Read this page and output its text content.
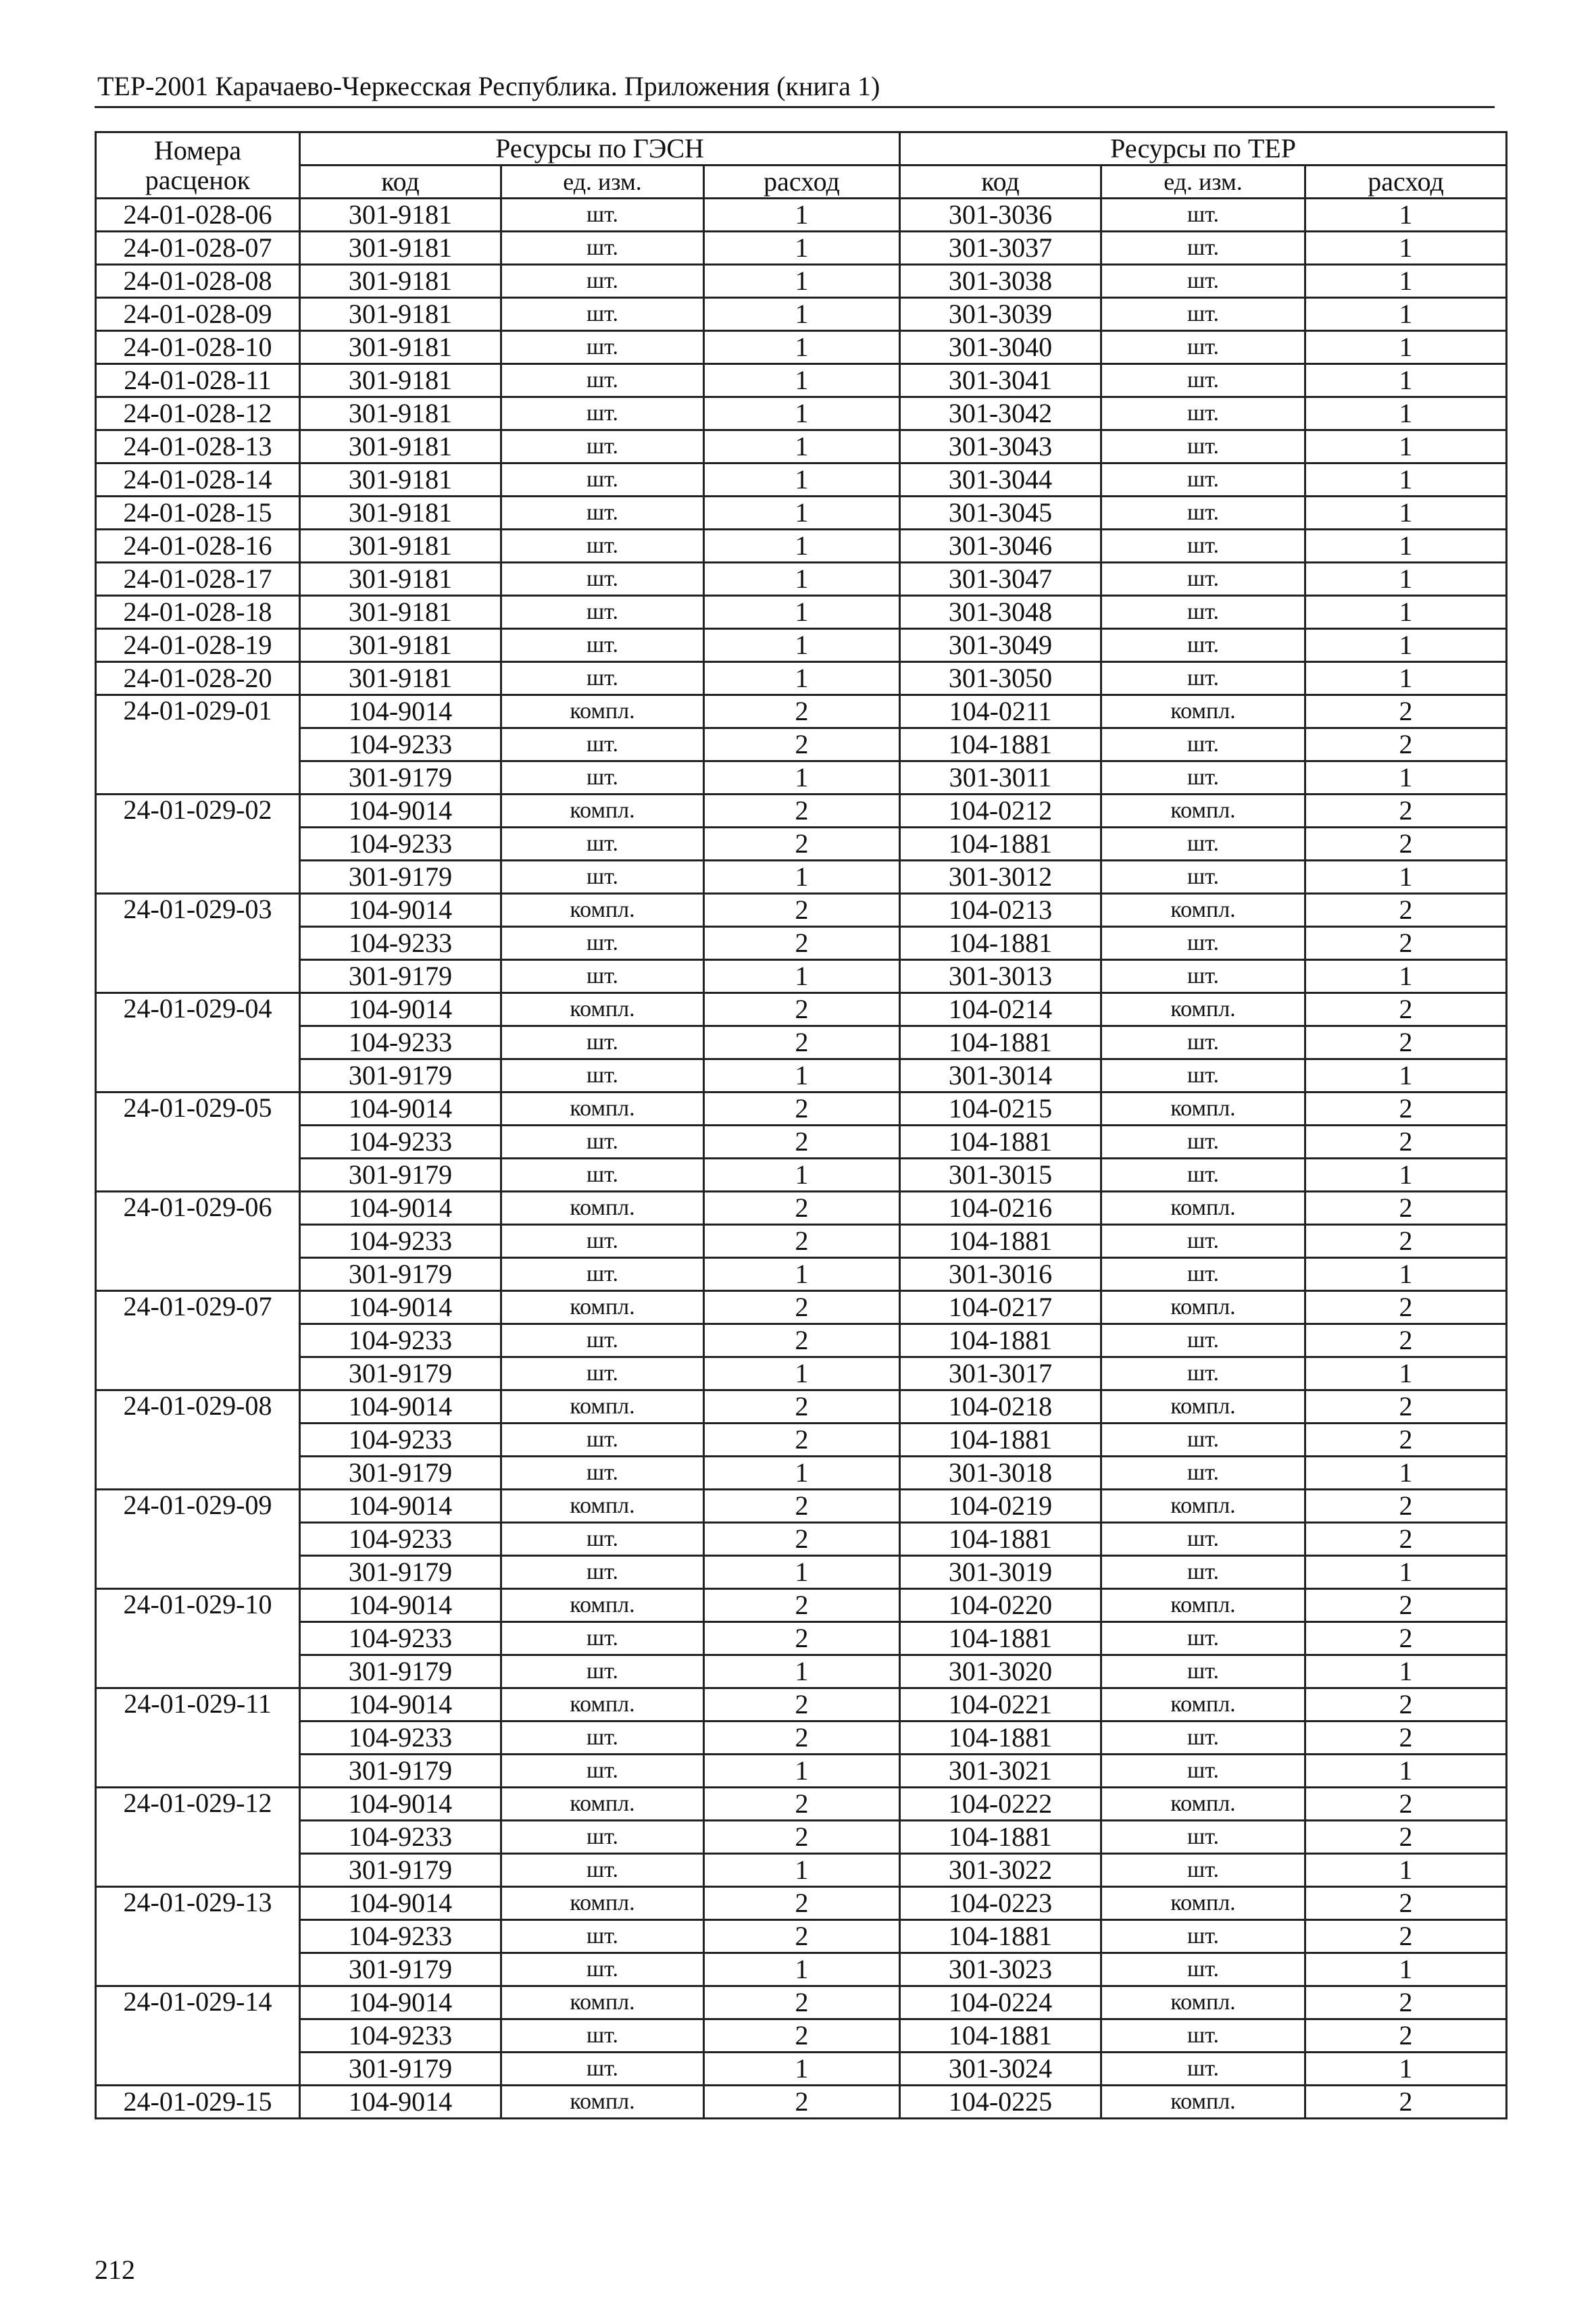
ТЕР-2001 Карачаево-Черкесская Республика. Приложения (книга 1)
Номера
расценок	Ресурсы по ГЭСН			Ресурсы по ТЕР		
	код	ед. изм.	расход	код	ед. изм.	расход
24-01-028-06	301-9181	шт.	1	301-3036	шт.	1
24-01-028-07	301-9181	шт.	1	301-3037	шт.	1
24-01-028-08	301-9181	шт.	1	301-3038	шт.	1
24-01-028-09	301-9181	шт.	1	301-3039	шт.	1
24-01-028-10	301-9181	шт.	1	301-3040	шт.	1
24-01-028-11	301-9181	шт.	1	301-3041	шт.	1
24-01-028-12	301-9181	шт.	1	301-3042	шт.	1
24-01-028-13	301-9181	шт.	1	301-3043	шт.	1
24-01-028-14	301-9181	шт.	1	301-3044	шт.	1
24-01-028-15	301-9181	шт.	1	301-3045	шт.	1
24-01-028-16	301-9181	шт.	1	301-3046	шт.	1
24-01-028-17	301-9181	шт.	1	301-3047	шт.	1
24-01-028-18	301-9181	шт.	1	301-3048	шт.	1
24-01-028-19	301-9181	шт.	1	301-3049	шт.	1
24-01-028-20	301-9181	шт.	1	301-3050	шт.	1
24-01-029-01	104-9014	компл.	2	104-0211	компл.	2
	104-9233	шт.	2	104-1881	шт.	2
	301-9179	шт.	1	301-3011	шт.	1
24-01-029-02	104-9014	компл.	2	104-0212	компл.	2
	104-9233	шт.	2	104-1881	шт.	2
	301-9179	шт.	1	301-3012	шт.	1
24-01-029-03	104-9014	компл.	2	104-0213	компл.	2
	104-9233	шт.	2	104-1881	шт.	2
	301-9179	шт.	1	301-3013	шт.	1
24-01-029-04	104-9014	компл.	2	104-0214	компл.	2
	104-9233	шт.	2	104-1881	шт.	2
	301-9179	шт.	1	301-3014	шт.	1
24-01-029-05	104-9014	компл.	2	104-0215	компл.	2
	104-9233	шт.	2	104-1881	шт.	2
	301-9179	шт.	1	301-3015	шт.	1
24-01-029-06	104-9014	компл.	2	104-0216	компл.	2
	104-9233	шт.	2	104-1881	шт.	2
	301-9179	шт.	1	301-3016	шт.	1
24-01-029-07	104-9014	компл.	2	104-0217	компл.	2
	104-9233	шт.	2	104-1881	шт.	2
	301-9179	шт.	1	301-3017	шт.	1
24-01-029-08	104-9014	компл.	2	104-0218	компл.	2
	104-9233	шт.	2	104-1881	шт.	2
	301-9179	шт.	1	301-3018	шт.	1
24-01-029-09	104-9014	компл.	2	104-0219	компл.	2
	104-9233	шт.	2	104-1881	шт.	2
	301-9179	шт.	1	301-3019	шт.	1
24-01-029-10	104-9014	компл.	2	104-0220	компл.	2
	104-9233	шт.	2	104-1881	шт.	2
	301-9179	шт.	1	301-3020	шт.	1
24-01-029-11	104-9014	компл.	2	104-0221	компл.	2
	104-9233	шт.	2	104-1881	шт.	2
	301-9179	шт.	1	301-3021	шт.	1
24-01-029-12	104-9014	компл.	2	104-0222	компл.	2
	104-9233	шт.	2	104-1881	шт.	2
	301-9179	шт.	1	301-3022	шт.	1
24-01-029-13	104-9014	компл.	2	104-0223	компл.	2
	104-9233	шт.	2	104-1881	шт.	2
	301-9179	шт.	1	301-3023	шт.	1
24-01-029-14	104-9014	компл.	2	104-0224	компл.	2
	104-9233	шт.	2	104-1881	шт.	2
	301-9179	шт.	1	301-3024	шт.	1
24-01-029-15	104-9014	компл.	2	104-0225	компл.	2
212
